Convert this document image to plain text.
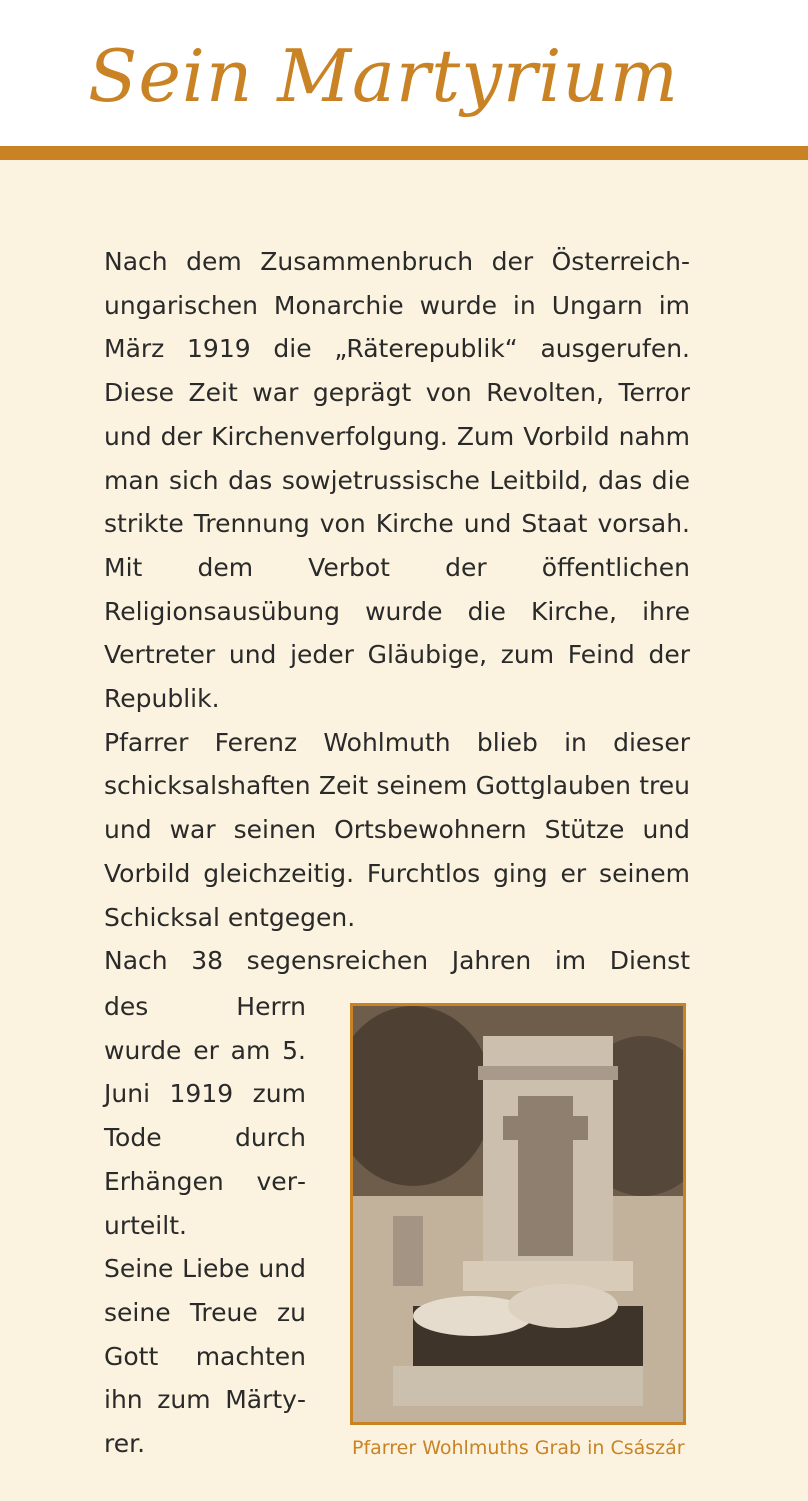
Sein Martyrium

Nach dem Zusammenbruch der Österreich-ungarischen Monarchie wurde in Ungarn im März 1919 die „Räterepublik“ ausgerufen. Diese Zeit war geprägt von Revolten, Terror und der Kirchenverfolgung. Zum Vorbild nahm man sich das sowjetrussische Leitbild, das die strikte Trennung von Kirche und Staat vorsah. Mit dem Verbot der öffentlichen Religionsausübung wurde die Kirche, ihre Vertreter und jeder Gläubige, zum Feind der Republik.

Pfarrer Ferenz Wohlmuth blieb in dieser schicksalshaften Zeit seinem Gottglauben treu und war seinen Ortsbewohnern Stütze und Vorbild gleichzeitig. Furchtlos ging er seinem Schicksal entgegen.

Nach 38 segensreichen Jahren im Dienst

des Herrn wurde er am 5. Juni 1919 zum Tode durch Erhängen verurteilt.

Seine Liebe und seine Treue zu Gott machten ihn zum Märtyrer.	Pfarrer Wohlmuths Grab in Császár
